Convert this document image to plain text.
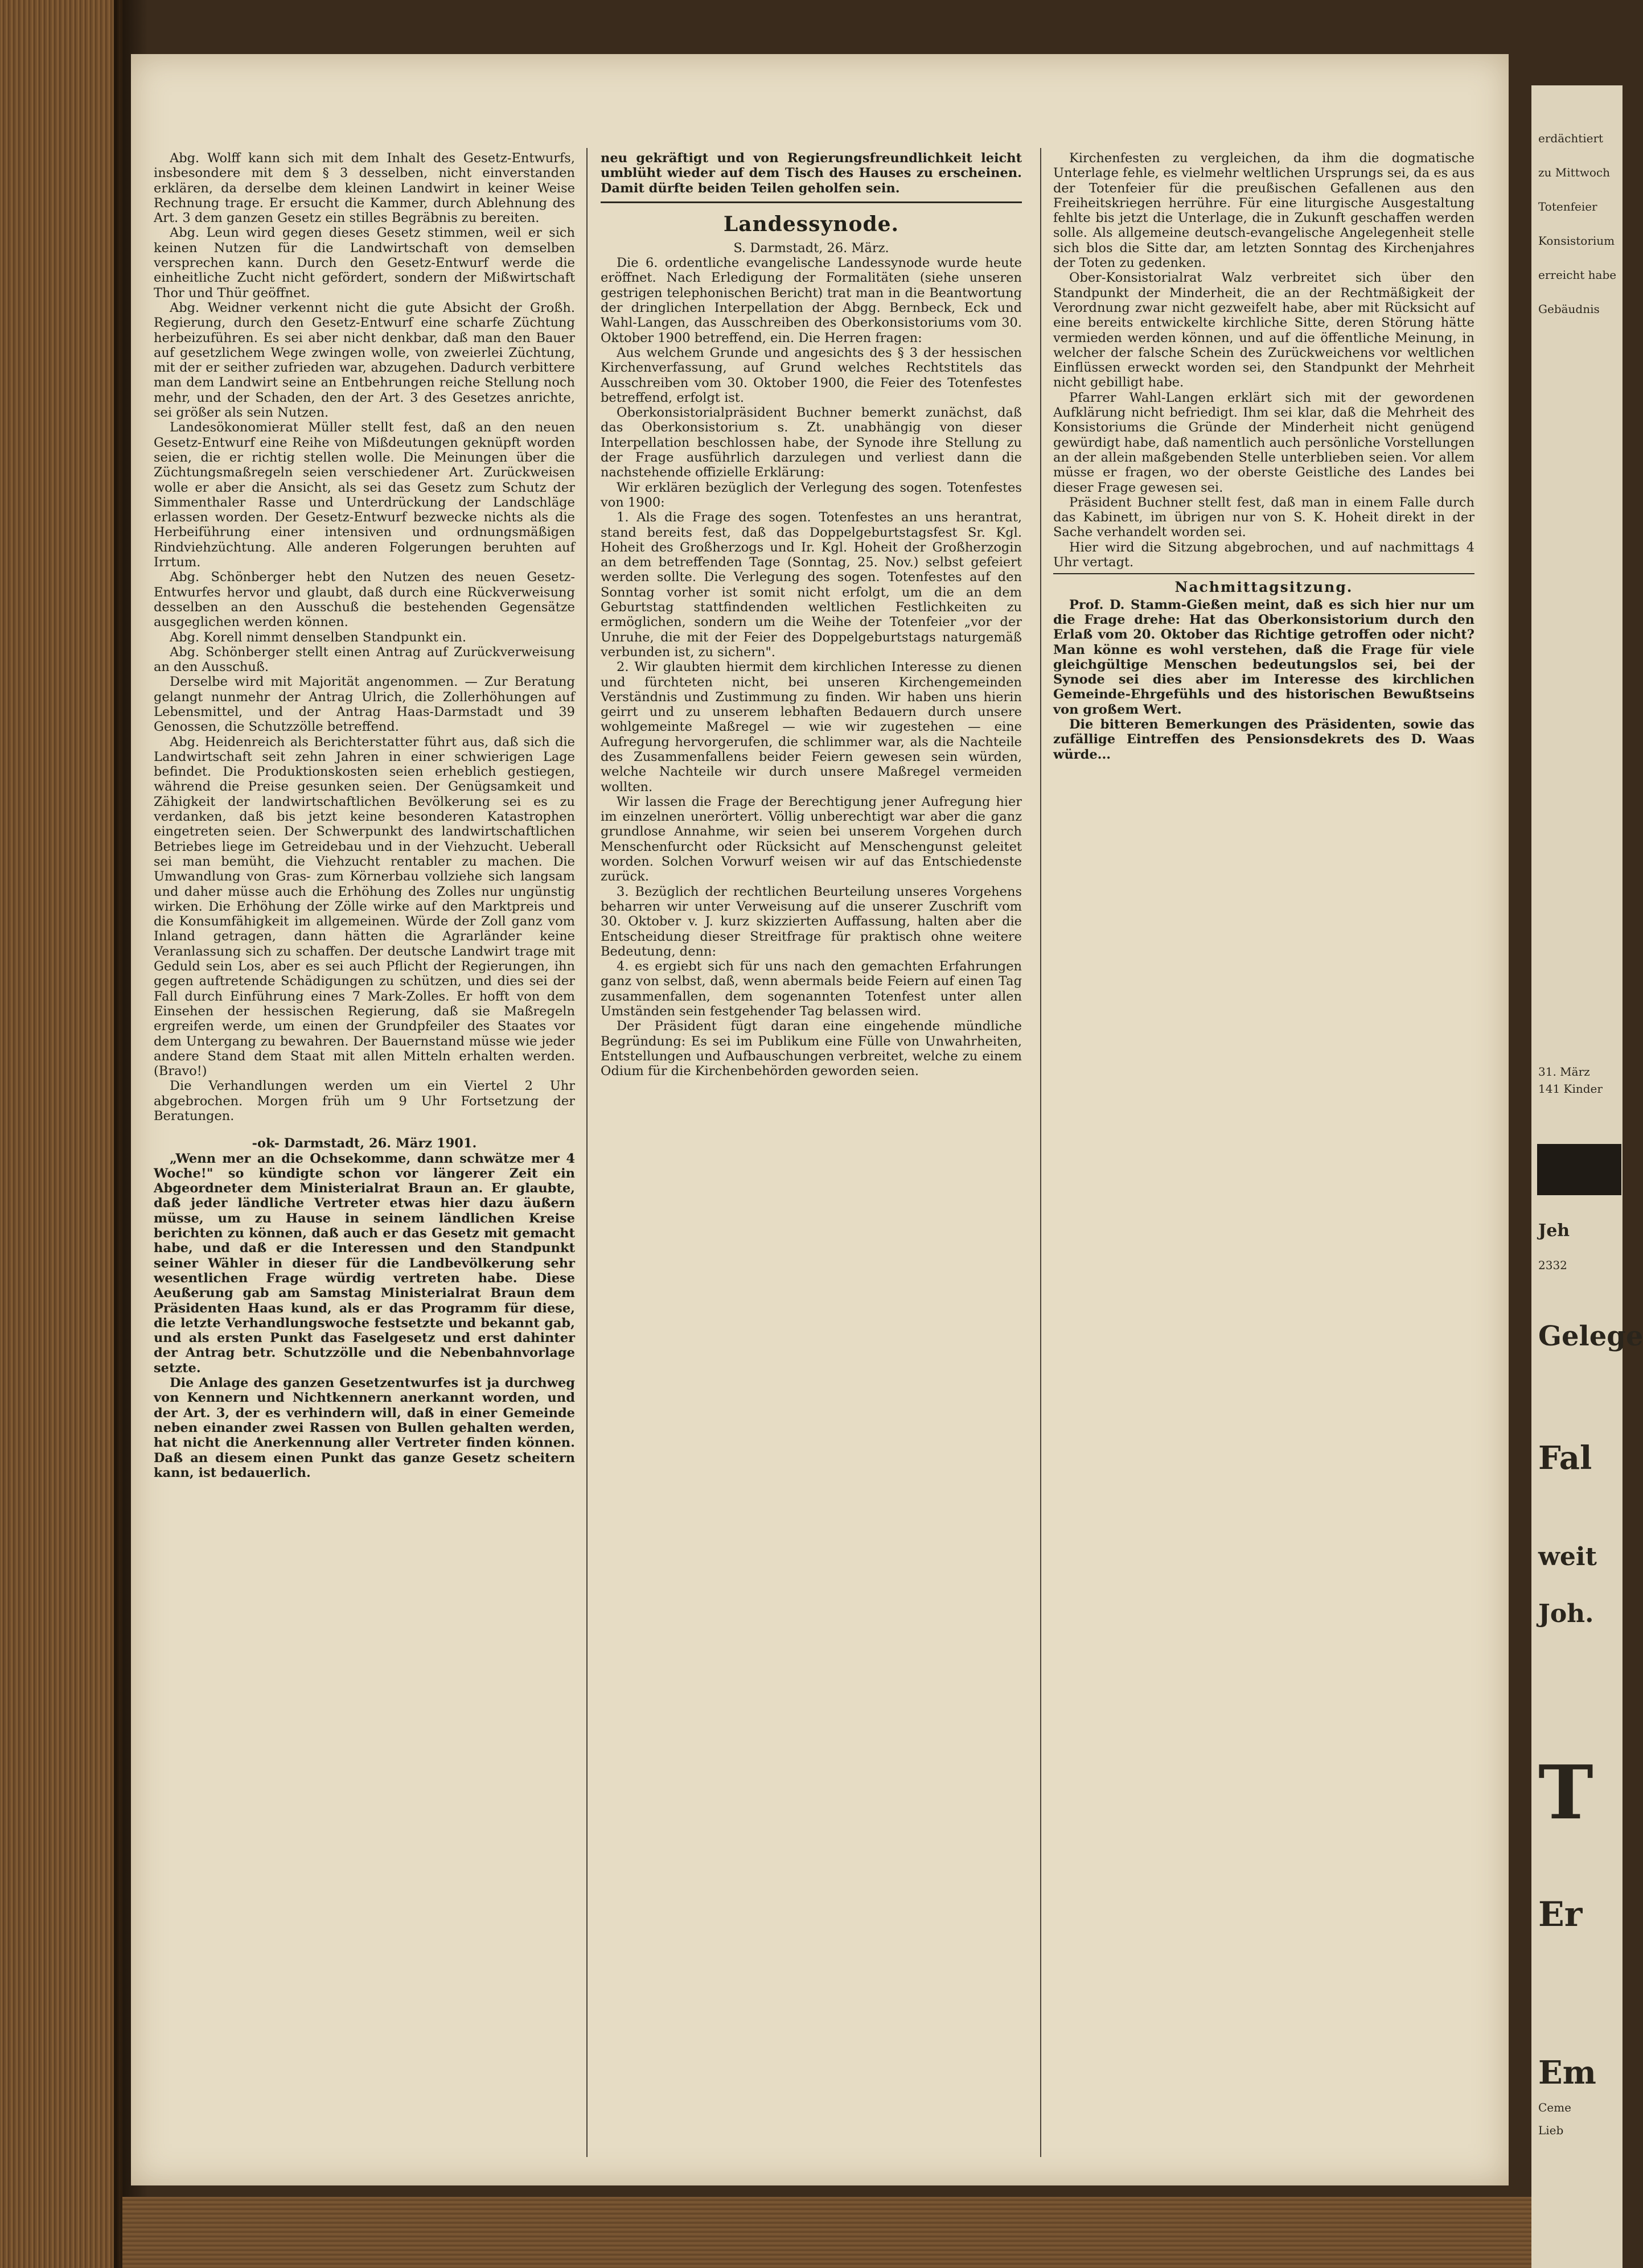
Abg. Wolff kann sich mit dem Inhalt des Gesetz-Entwurfs, insbesondere mit dem § 3 desselben, nicht einverstanden erklären, da derselbe dem kleinen Landwirt in keiner Weise Rechnung trage. Er ersucht die Kammer, durch Ablehnung des Art. 3 dem ganzen Gesetz ein stilles Begräbnis zu bereiten.

Abg. Leun wird gegen dieses Gesetz stimmen, weil er sich keinen Nutzen für die Landwirtschaft von demselben versprechen kann. Durch den Gesetz-Entwurf werde die einheitliche Zucht nicht gefördert, sondern der Mißwirtschaft Thor und Thür geöffnet.

Abg. Weidner verkennt nicht die gute Absicht der Großh. Regierung, durch den Gesetz-Entwurf eine scharfe Züchtung herbeizuführen. Es sei aber nicht denkbar, daß man den Bauer auf gesetzlichem Wege zwingen wolle, von zweierlei Züchtung, mit der er seither zufrieden war, abzugehen. Dadurch verbittere man dem Landwirt seine an Entbehrungen reiche Stellung noch mehr, und der Schaden, den der Art. 3 des Gesetzes anrichte, sei größer als sein Nutzen.

Landesökonomierat Müller stellt fest, daß an den neuen Gesetz-Entwurf eine Reihe von Mißdeutungen geknüpft worden seien, die er richtig stellen wolle. Die Meinungen über die Züchtungsmaßregeln seien verschiedener Art. Zurückweisen wolle er aber die Ansicht, als sei das Gesetz zum Schutz der Simmenthaler Rasse und Unterdrückung der Landschläge erlassen worden. Der Gesetz-Entwurf bezwecke nichts als die Herbeiführung einer intensiven und ordnungsmäßigen Rindviehzüchtung. Alle anderen Folgerungen beruhten auf Irrtum.

Abg. Schönberger hebt den Nutzen des neuen Gesetz-Entwurfes hervor und glaubt, daß durch eine Rückverweisung desselben an den Ausschuß die bestehenden Gegensätze ausgeglichen werden können.

Abg. Korell nimmt denselben Standpunkt ein.

Abg. Schönberger stellt einen Antrag auf Zurückverweisung an den Ausschuß.

Derselbe wird mit Majorität angenommen. — Zur Beratung gelangt nunmehr der Antrag Ulrich, die Zollerhöhungen auf Lebensmittel, und der Antrag Haas-Darmstadt und 39 Genossen, die Schutzzölle betreffend.

Abg. Heidenreich als Berichterstatter führt aus, daß sich die Landwirtschaft seit zehn Jahren in einer schwierigen Lage befindet. Die Produktionskosten seien erheblich gestiegen, während die Preise gesunken seien. Der Genügsamkeit und Zähigkeit der landwirtschaftlichen Bevölkerung sei es zu verdanken, daß bis jetzt keine besonderen Katastrophen eingetreten seien. Der Schwerpunkt des landwirtschaftlichen Betriebes liege im Getreidebau und in der Viehzucht. Ueberall sei man bemüht, die Viehzucht rentabler zu machen. Die Umwandlung von Gras- zum Körnerbau vollziehe sich langsam und daher müsse auch die Erhöhung des Zolles nur ungünstig wirken. Die Erhöhung der Zölle wirke auf den Marktpreis und die Konsumfähigkeit im allgemeinen. Würde der Zoll ganz vom Inland getragen, dann hätten die Agrarländer keine Veranlassung sich zu schaffen. Der deutsche Landwirt trage mit Geduld sein Los, aber es sei auch Pflicht der Regierungen, ihn gegen auftretende Schädigungen zu schützen, und dies sei der Fall durch Einführung eines 7 Mark-Zolles. Er hofft von dem Einsehen der hessischen Regierung, daß sie Maßregeln ergreifen werde, um einen der Grundpfeiler des Staates vor dem Untergang zu bewahren. Der Bauernstand müsse wie jeder andere Stand dem Staat mit allen Mitteln erhalten werden. (Bravo!)

Die Verhandlungen werden um ein Viertel 2 Uhr abgebrochen. Morgen früh um 9 Uhr Fortsetzung der Beratungen.

-ok- Darmstadt, 26. März 1901.

„Wenn mer an die Ochsekomme, dann schwätze mer 4 Woche!" so kündigte schon vor längerer Zeit ein Abgeordneter dem Ministerialrat Braun an. Er glaubte, daß jeder ländliche Vertreter etwas hier dazu äußern müsse, um zu Hause in seinem ländlichen Kreise berichten zu können, daß auch er das Gesetz mit gemacht habe, und daß er die Interessen und den Standpunkt seiner Wähler in dieser für die Landbevölkerung sehr wesentlichen Frage würdig vertreten habe. Diese Aeußerung gab am Samstag Ministerialrat Braun dem Präsidenten Haas kund, als er das Programm für diese, die letzte Verhandlungswoche festsetzte und bekannt gab, und als ersten Punkt das Faselgesetz und erst dahinter der Antrag betr. Schutzzölle und die Nebenbahnvorlage setzte.

Die Anlage des ganzen Gesetzentwurfes ist ja durchweg von Kennern und Nichtkennern anerkannt worden, und der Art. 3, der es verhindern will, daß in einer Gemeinde neben einander zwei Rassen von Bullen gehalten werden, hat nicht die Anerkennung aller Vertreter finden können. Daß an diesem einen Punkt das ganze Gesetz scheitern kann, ist bedauerlich.

neu gekräftigt und von Regierungsfreundlichkeit leicht umblüht wieder auf dem Tisch des Hauses zu erscheinen. Damit dürfte beiden Teilen geholfen sein.

Landessynode.

S. Darmstadt, 26. März.

Die 6. ordentliche evangelische Landessynode wurde heute eröffnet. Nach Erledigung der Formalitäten (siehe unseren gestrigen telephonischen Bericht) trat man in die Beantwortung der dringlichen Interpellation der Abgg. Bernbeck, Eck und Wahl-Langen, das Ausschreiben des Oberkonsistoriums vom 30. Oktober 1900 betreffend, ein. Die Herren fragen:

Aus welchem Grunde und angesichts des § 3 der hessischen Kirchenverfassung, auf Grund welches Rechtstitels das Ausschreiben vom 30. Oktober 1900, die Feier des Totenfestes betreffend, erfolgt ist.

Oberkonsistorialpräsident Buchner bemerkt zunächst, daß das Oberkonsistorium s. Zt. unabhängig von dieser Interpellation beschlossen habe, der Synode ihre Stellung zu der Frage ausführlich darzulegen und verliest dann die nachstehende offizielle Erklärung:

Wir erklären bezüglich der Verlegung des sogen. Totenfestes von 1900:

1. Als die Frage des sogen. Totenfestes an uns herantrat, stand bereits fest, daß das Doppelgeburtstagsfest Sr. Kgl. Hoheit des Großherzogs und Ir. Kgl. Hoheit der Großherzogin an dem betreffenden Tage (Sonntag, 25. Nov.) selbst gefeiert werden sollte. Die Verlegung des sogen. Totenfestes auf den Sonntag vorher ist somit nicht erfolgt, um die an dem Geburtstag stattfindenden weltlichen Festlichkeiten zu ermöglichen, sondern um die Weihe der Totenfeier „vor der Unruhe, die mit der Feier des Doppelgeburtstags naturgemäß verbunden ist, zu sichern".

2. Wir glaubten hiermit dem kirchlichen Interesse zu dienen und fürchteten nicht, bei unseren Kirchengemeinden Verständnis und Zustimmung zu finden. Wir haben uns hierin geirrt und zu unserem lebhaften Bedauern durch unsere wohlgemeinte Maßregel — wie wir zugestehen — eine Aufregung hervorgerufen, die schlimmer war, als die Nachteile des Zusammenfallens beider Feiern gewesen sein würden, welche Nachteile wir durch unsere Maßregel vermeiden wollten.

Wir lassen die Frage der Berechtigung jener Aufregung hier im einzelnen unerörtert. Völlig unberechtigt war aber die ganz grundlose Annahme, wir seien bei unserem Vorgehen durch Menschenfurcht oder Rücksicht auf Menschengunst geleitet worden. Solchen Vorwurf weisen wir auf das Entschiedenste zurück.

3. Bezüglich der rechtlichen Beurteilung unseres Vorgehens beharren wir unter Verweisung auf die unserer Zuschrift vom 30. Oktober v. J. kurz skizzierten Auffassung, halten aber die Entscheidung dieser Streitfrage für praktisch ohne weitere Bedeutung, denn:

4. es ergiebt sich für uns nach den gemachten Erfahrungen ganz von selbst, daß, wenn abermals beide Feiern auf einen Tag zusammenfallen, dem sogenannten Totenfest unter allen Umständen sein festgehender Tag belassen wird.

Der Präsident fügt daran eine eingehende mündliche Begründung: Es sei im Publikum eine Fülle von Unwahrheiten, Entstellungen und Aufbauschungen verbreitet, welche zu einem Odium für die Kirchenbehörden geworden seien.

Kirchenfesten zu vergleichen, da ihm die dogmatische Unterlage fehle, es vielmehr weltlichen Ursprungs sei, da es aus der Totenfeier für die preußischen Gefallenen aus den Freiheitskriegen herrühre. Für eine liturgische Ausgestaltung fehlte bis jetzt die Unterlage, die in Zukunft geschaffen werden solle. Als allgemeine deutsch-evangelische Angelegenheit stelle sich blos die Sitte dar, am letzten Sonntag des Kirchenjahres der Toten zu gedenken.

Ober-Konsistorialrat Walz verbreitet sich über den Standpunkt der Minderheit, die an der Rechtmäßigkeit der Verordnung zwar nicht gezweifelt habe, aber mit Rücksicht auf eine bereits entwickelte kirchliche Sitte, deren Störung hätte vermieden werden können, und auf die öffentliche Meinung, in welcher der falsche Schein des Zurückweichens vor weltlichen Einflüssen erweckt worden sei, den Standpunkt der Mehrheit nicht gebilligt habe.

Pfarrer Wahl-Langen erklärt sich mit der gewordenen Aufklärung nicht befriedigt. Ihm sei klar, daß die Mehrheit des Konsistoriums die Gründe der Minderheit nicht genügend gewürdigt habe, daß namentlich auch persönliche Vorstellungen an der allein maßgebenden Stelle unterblieben seien. Vor allem müsse er fragen, wo der oberste Geistliche des Landes bei dieser Frage gewesen sei.

Präsident Buchner stellt fest, daß man in einem Falle durch das Kabinett, im übrigen nur von S. K. Hoheit direkt in der Sache verhandelt worden sei.

Hier wird die Sitzung abgebrochen, und auf nachmittags 4 Uhr vertagt.

Nachmittagsitzung.

Prof. D. Stamm-Gießen meint, daß es sich hier nur um die Frage drehe: Hat das Oberkonsistorium durch den Erlaß vom 20. Oktober das Richtige getroffen oder nicht? Man könne es wohl verstehen, daß die Frage für viele gleichgültige Menschen bedeutungslos sei, bei der Synode sei dies aber im Interesse des kirchlichen Gemeinde-Ehrgefühls und des historischen Bewußtseins von großem Wert.

Die bitteren Bemerkungen des Präsidenten, sowie das zufällige Eintreffen des Pensionsdekrets des D. Waas würde...

erdächtiert
zu Mittwoch
Totenfeier
Konsistorium
erreicht habe
Gebäudnis
31. März
141 Kinder
Jeh
2332
Gelege
Fal
weit
Joh.
T
Er
Em
Ceme
Lieb
